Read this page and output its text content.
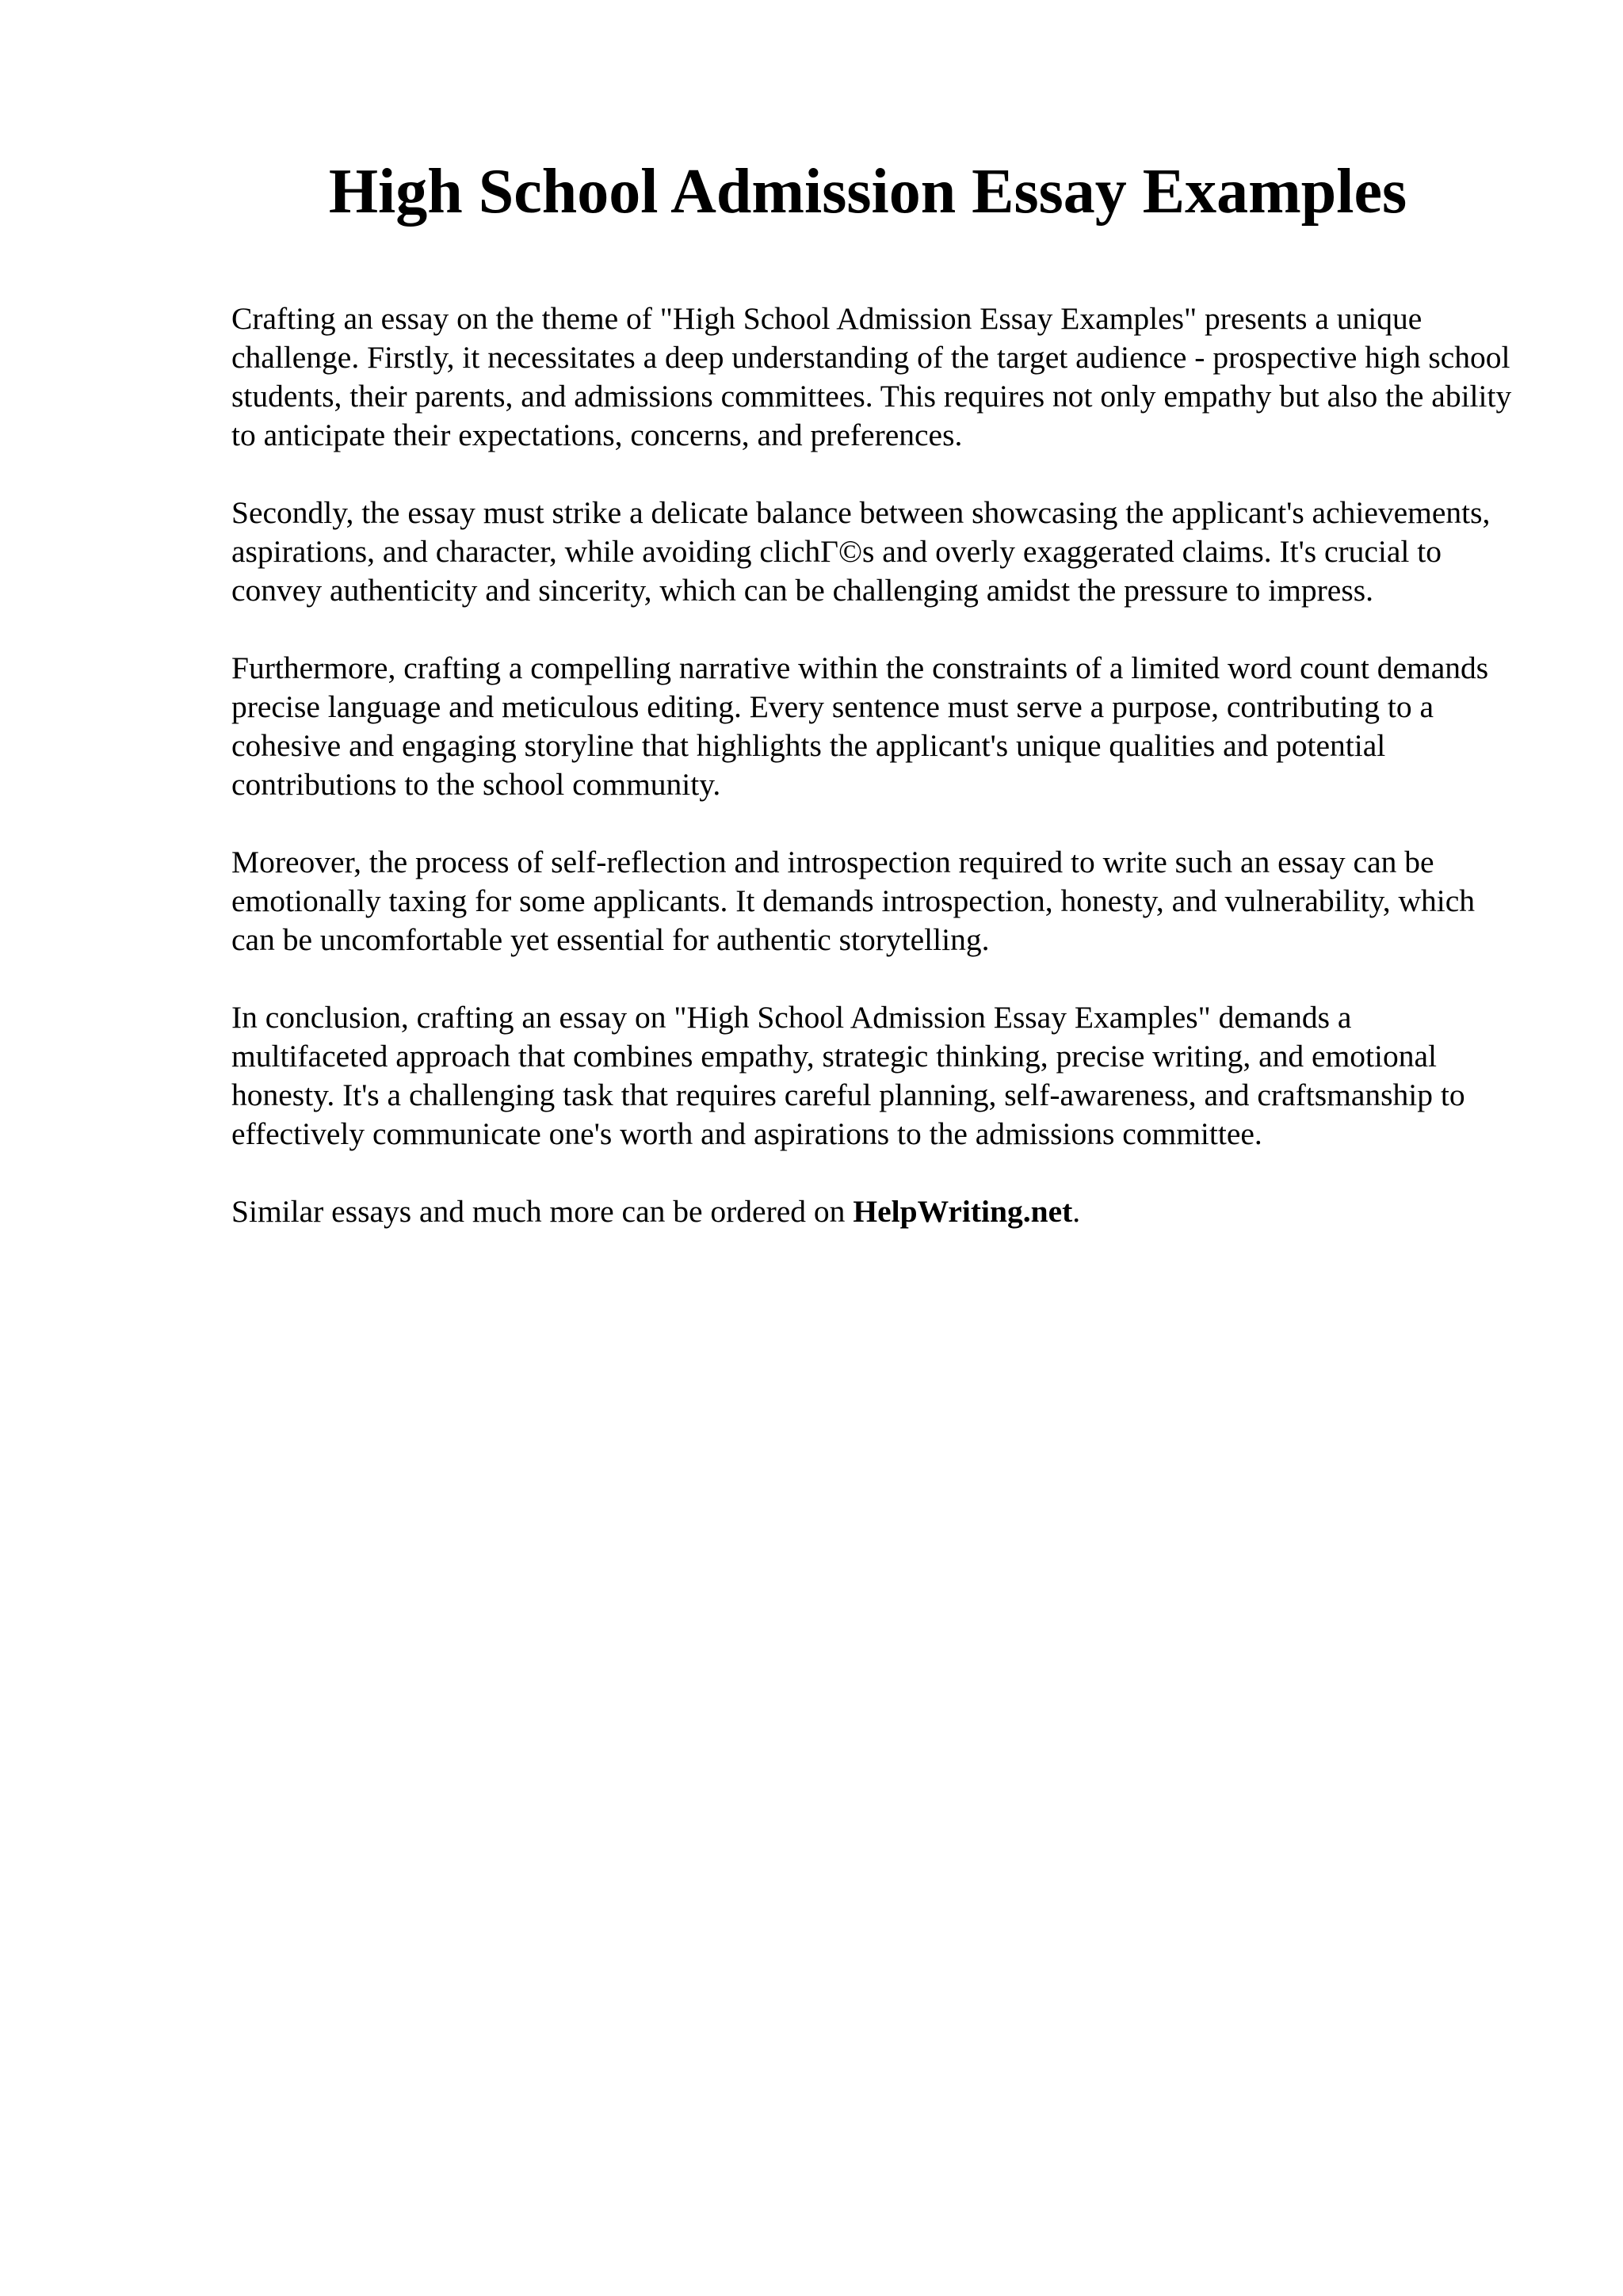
High School Admission Essay Examples

Crafting an essay on the theme of "High School Admission Essay Examples" presents a unique challenge. Firstly, it necessitates a deep understanding of the target audience - prospective high school students, their parents, and admissions committees. This requires not only empathy but also the ability to anticipate their expectations, concerns, and preferences.

Secondly, the essay must strike a delicate balance between showcasing the applicant's achievements, aspirations, and character, while avoiding clichΓ©s and overly exaggerated claims. It's crucial to convey authenticity and sincerity, which can be challenging amidst the pressure to impress.

Furthermore, crafting a compelling narrative within the constraints of a limited word count demands precise language and meticulous editing. Every sentence must serve a purpose, contributing to a cohesive and engaging storyline that highlights the applicant's unique qualities and potential contributions to the school community.

Moreover, the process of self-reflection and introspection required to write such an essay can be emotionally taxing for some applicants. It demands introspection, honesty, and vulnerability, which can be uncomfortable yet essential for authentic storytelling.

In conclusion, crafting an essay on "High School Admission Essay Examples" demands a multifaceted approach that combines empathy, strategic thinking, precise writing, and emotional honesty. It's a challenging task that requires careful planning, self-awareness, and craftsmanship to effectively communicate one's worth and aspirations to the admissions committee.

Similar essays and much more can be ordered on HelpWriting.net.
